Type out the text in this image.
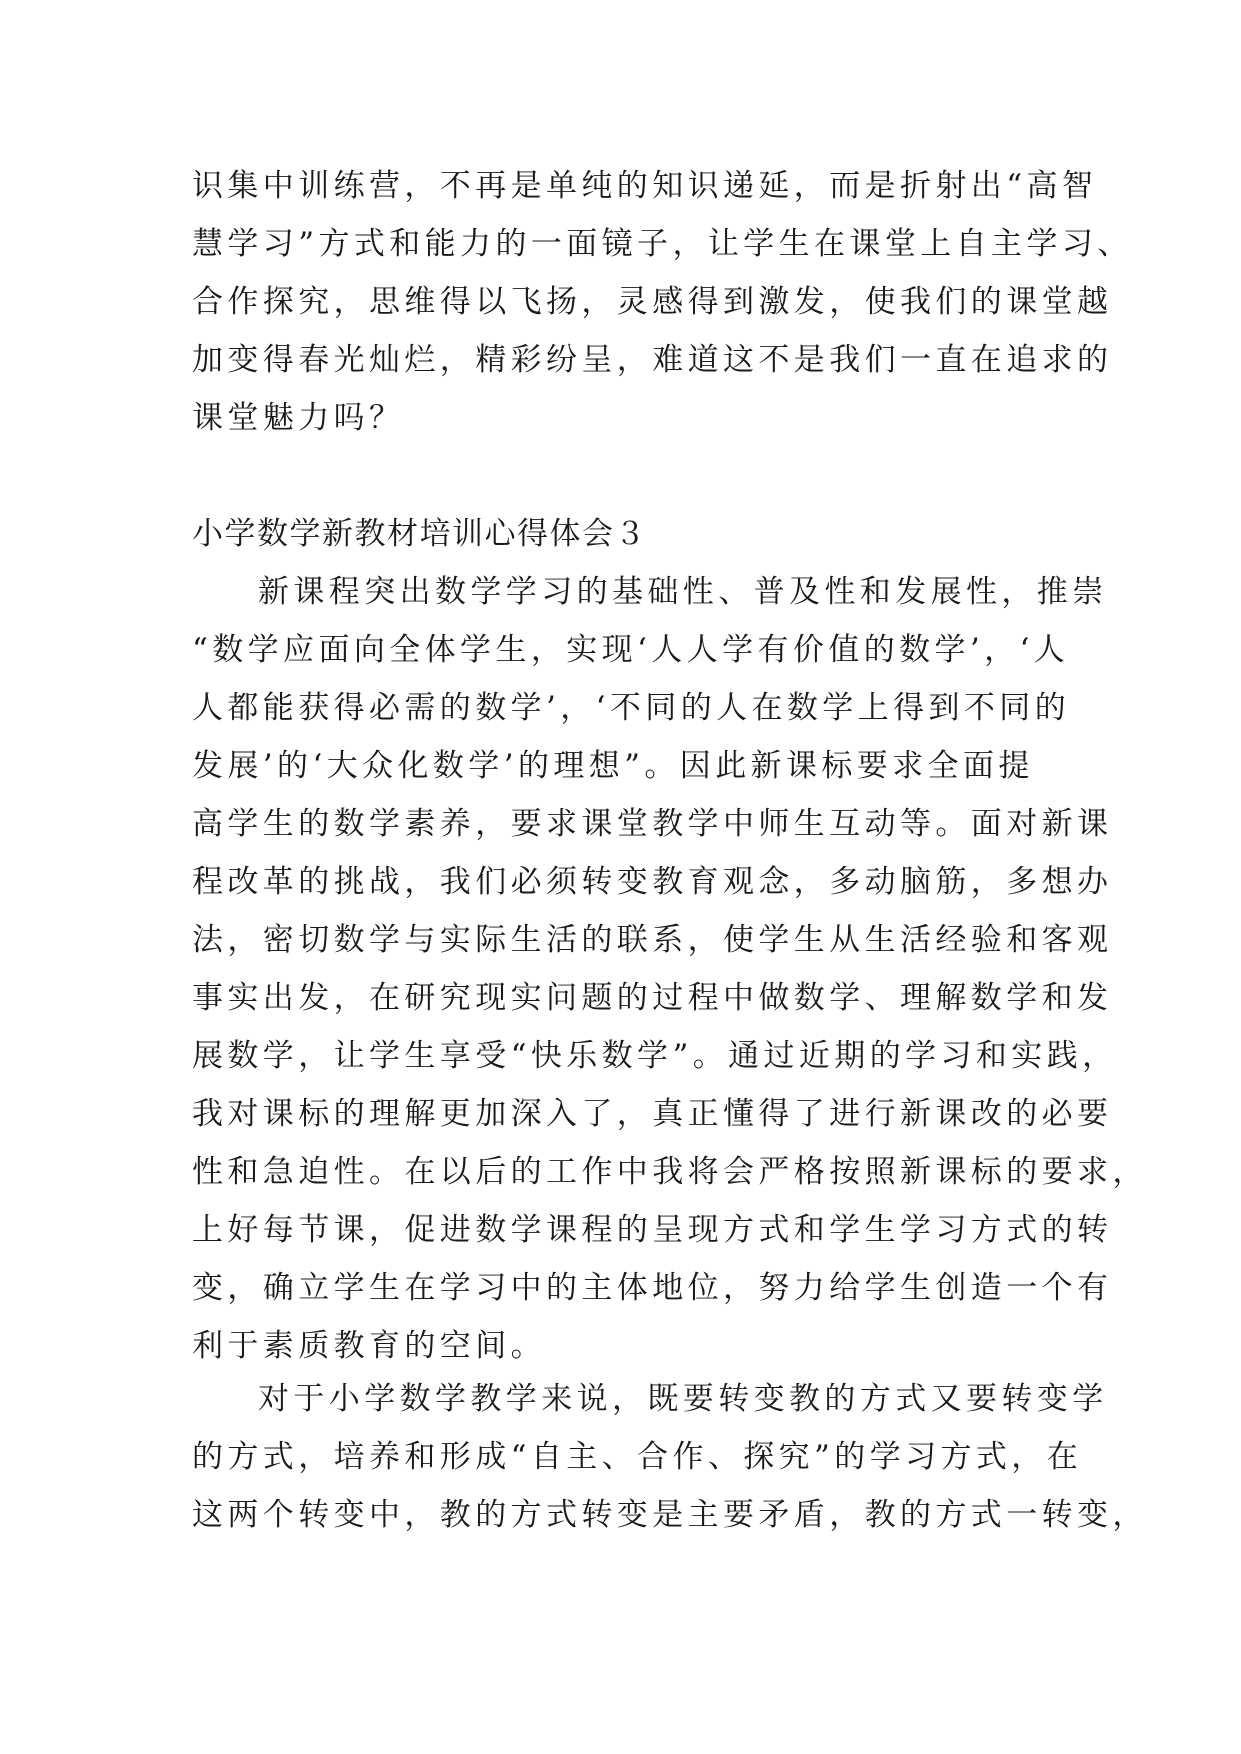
识集中训练营，不再是单纯的知识递延，而是折射出“高智
慧学习”方式和能力的一面镜子，让学生在课堂上自主学习、
合作探究，思维得以飞扬，灵感得到激发，使我们的课堂越
加变得春光灿烂，精彩纷呈，难道这不是我们一直在追求的
课堂魅力吗？
小学数学新教材培训心得体会３
新课程突出数学学习的基础性、普及性和发展性，推崇
“数学应面向全体学生，实现‘人人学有价值的数学’，‘人
人都能获得必需的数学’，‘不同的人在数学上得到不同的
发展’的‘大众化数学’的理想”。因此新课标要求全面提
高学生的数学素养，要求课堂教学中师生互动等。面对新课
程改革的挑战，我们必须转变教育观念，多动脑筋，多想办
法，密切数学与实际生活的联系，使学生从生活经验和客观
事实出发，在研究现实问题的过程中做数学、理解数学和发
展数学，让学生享受“快乐数学”。通过近期的学习和实践，
我对课标的理解更加深入了，真正懂得了进行新课改的必要
性和急迫性。在以后的工作中我将会严格按照新课标的要求，
上好每节课，促进数学课程的呈现方式和学生学习方式的转
变，确立学生在学习中的主体地位，努力给学生创造一个有
利于素质教育的空间。
对于小学数学教学来说，既要转变教的方式又要转变学
的方式，培养和形成“自主、合作、探究”的学习方式，在
这两个转变中，教的方式转变是主要矛盾，教的方式一转变，
